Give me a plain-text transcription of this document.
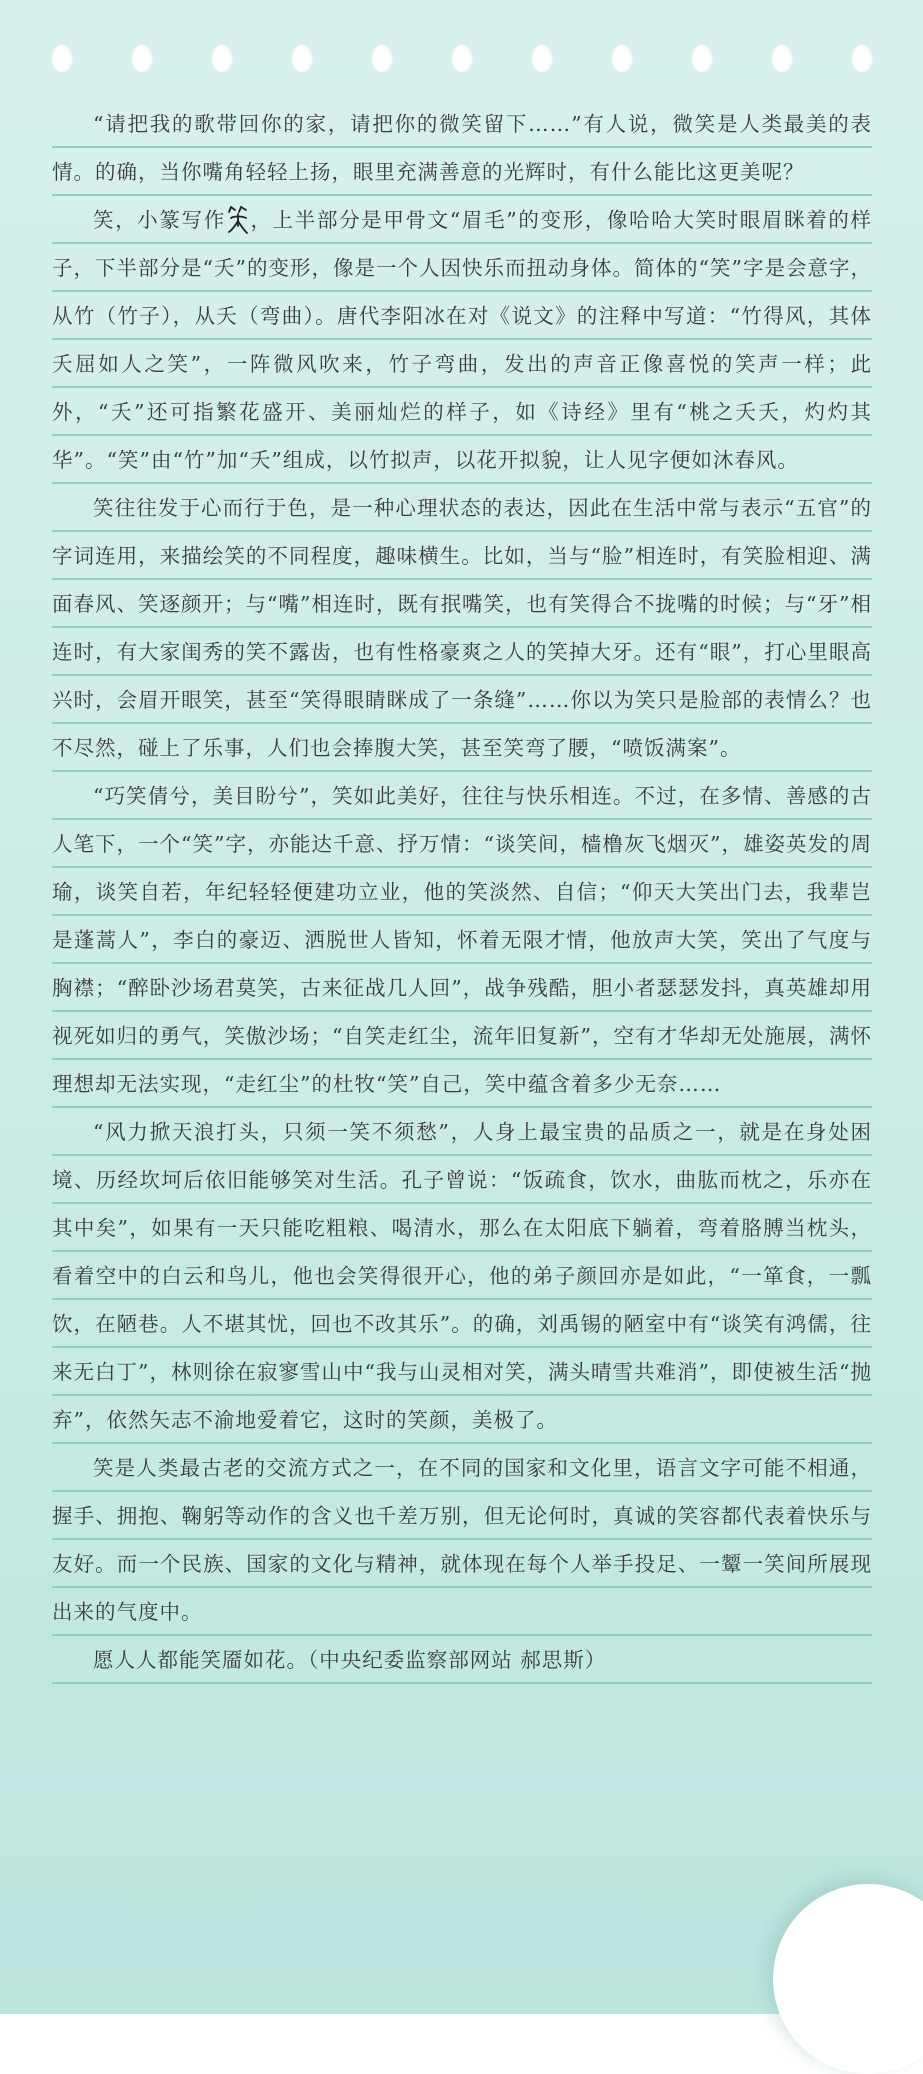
“请把我的歌带回你的家，请把你的微笑留下……”有人说，微笑是人类最美的表情。的确，当你嘴角轻轻上扬，眼里充满善意的光辉时，有什么能比这更美呢？

笑，小篆写作 ，上半部分是甲骨文“眉毛”的变形，像哈哈大笑时眼眉眯着的样子，下半部分是“夭”的变形，像是一个人因快乐而扭动身体。简体的“笑”字是会意字，从竹（竹子），从夭（弯曲）。唐代李阳冰在对《说文》的注释中写道：“竹得风，其体夭屈如人之笑”，一阵微风吹来，竹子弯曲，发出的声音正像喜悦的笑声一样；此外，“夭”还可指繁花盛开、美丽灿烂的样子，如《诗经》里有“桃之夭夭，灼灼其华”。“笑”由“竹”加“夭”组成，以竹拟声，以花开拟貌，让人见字便如沐春风。

笑往往发于心而行于色，是一种心理状态的表达，因此在生活中常与表示“五官”的字词连用，来描绘笑的不同程度，趣味横生。比如，当与“脸”相连时，有笑脸相迎、满面春风、笑逐颜开；与“嘴”相连时，既有抿嘴笑，也有笑得合不拢嘴的时候；与“牙”相连时，有大家闺秀的笑不露齿，也有性格豪爽之人的笑掉大牙。还有“眼”，打心里眼高兴时，会眉开眼笑，甚至“笑得眼睛眯成了一条缝”……你以为笑只是脸部的表情么？也不尽然，碰上了乐事，人们也会捧腹大笑，甚至笑弯了腰，“喷饭满案”。

“巧笑倩兮，美目盼兮”，笑如此美好，往往与快乐相连。不过，在多情、善感的古人笔下，一个“笑”字，亦能达千意、抒万情：“谈笑间，樯橹灰飞烟灭”，雄姿英发的周瑜，谈笑自若，年纪轻轻便建功立业，他的笑淡然、自信；“仰天大笑出门去，我辈岂是蓬蒿人”，李白的豪迈、洒脱世人皆知，怀着无限才情，他放声大笑，笑出了气度与胸襟；“醉卧沙场君莫笑，古来征战几人回”，战争残酷，胆小者瑟瑟发抖，真英雄却用视死如归的勇气，笑傲沙场；“自笑走红尘，流年旧复新”，空有才华却无处施展，满怀理想却无法实现，“走红尘”的杜牧“笑”自己，笑中蕴含着多少无奈……

“风力掀天浪打头，只须一笑不须愁”，人身上最宝贵的品质之一，就是在身处困境、历经坎坷后依旧能够笑对生活。孔子曾说：“饭疏食，饮水，曲肱而枕之，乐亦在其中矣”，如果有一天只能吃粗粮、喝清水，那么在太阳底下躺着，弯着胳膊当枕头，看着空中的白云和鸟儿，他也会笑得很开心，他的弟子颜回亦是如此，“一箪食，一瓢饮，在陋巷。人不堪其忧，回也不改其乐”。的确，刘禹锡的陋室中有“谈笑有鸿儒，往来无白丁”，林则徐在寂寥雪山中“我与山灵相对笑，满头晴雪共难消”，即使被生活“抛弃”，依然矢志不渝地爱着它，这时的笑颜，美极了。

笑是人类最古老的交流方式之一，在不同的国家和文化里，语言文字可能不相通，握手、拥抱、鞠躬等动作的含义也千差万别，但无论何时，真诚的笑容都代表着快乐与友好。而一个民族、国家的文化与精神，就体现在每个人举手投足、一颦一笑间所展现出来的气度中。

愿人人都能笑靥如花。（中央纪委监察部网站 郝思斯）
